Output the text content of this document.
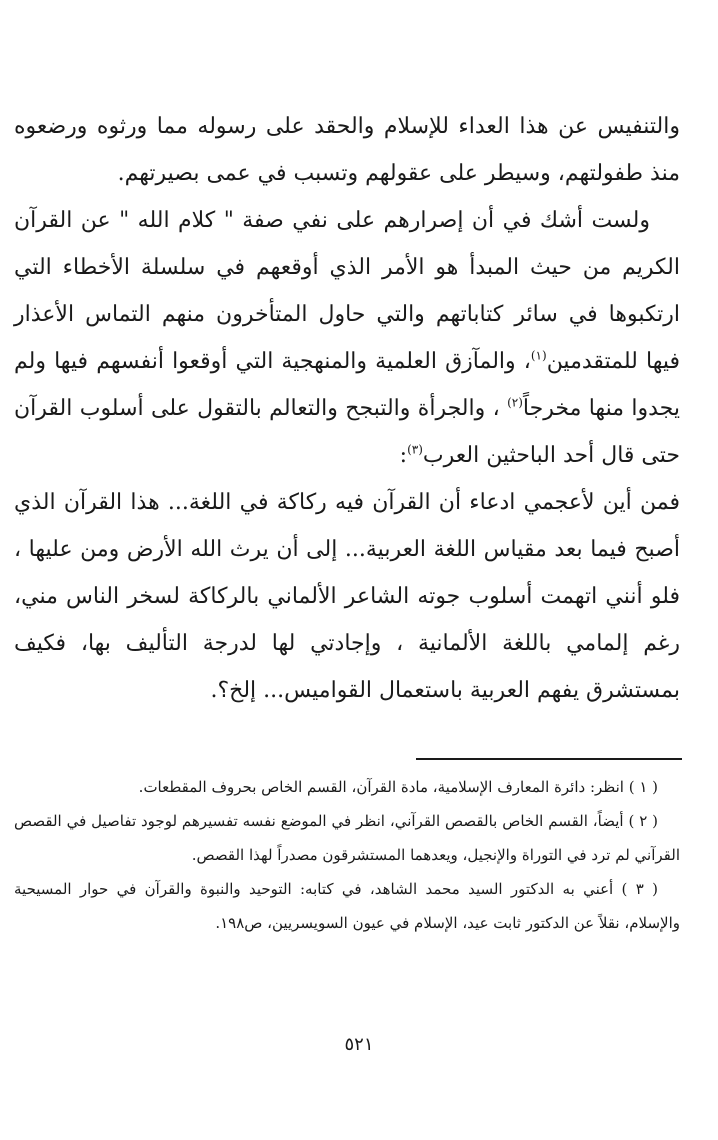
والتنفيس عن هذا العداء للإسلام والحقد على رسوله مما ورثوه ورضعوه منذ طفولتهم، وسيطر على عقولهم وتسبب في عمى بصيرتهم.

ولست أشك في أن إصرارهم على نفي صفة " كلام الله " عن القرآن الكريم من حيث المبدأ هو الأمر الذي أوقعهم في سلسلة الأخطاء التي ارتكبوها في سائر كتاباتهم والتي حاول المتأخرون منهم التماس الأعذار فيها للمتقدمين$^{(١)}$، والمآزق العلمية والمنهجية التي أوقعوا أنفسهم فيها ولم يجدوا منها مخرجاً$^{(٢)}$ ، والجرأة والتبجح والتعالم بالتقول على أسلوب القرآن حتى قال أحد الباحثين العرب$^{(٣)}$:

فمن أين لأعجمي ادعاء أن القرآن فيه ركاكة في اللغة... هذا القرآن الذي أصبح فيما بعد مقياس اللغة العربية... إلى أن يرث الله الأرض ومن عليها ، فلو أنني اتهمت أسلوب جوته الشاعر الألماني بالركاكة لسخر الناس مني، رغم إلمامي باللغة الألمانية ، وإجادتي لها لدرجة التأليف بها، فكيف بمستشرق يفهم العربية باستعمال القواميس... إلخ؟.

( ١ ) انظر: دائرة المعارف الإسلامية، مادة القرآن، القسم الخاص بحروف المقطعات.

( ٢ ) أيضاً، القسم الخاص بالقصص القرآني، انظر في الموضع نفسه تفسيرهم لوجود تفاصيل في القصص القرآني لم ترد في التوراة والإنجيل، ويعدهما المستشرقون مصدراً لهذا القصص.

( ٣ ) أعني به الدكتور السيد محمد الشاهد، في كتابه: التوحيد والنبوة والقرآن في حوار المسيحية والإسلام، نقلاً عن الدكتور ثابت عيد، الإسلام في عيون السويسريين، ص١٩٨.

٥٢١
